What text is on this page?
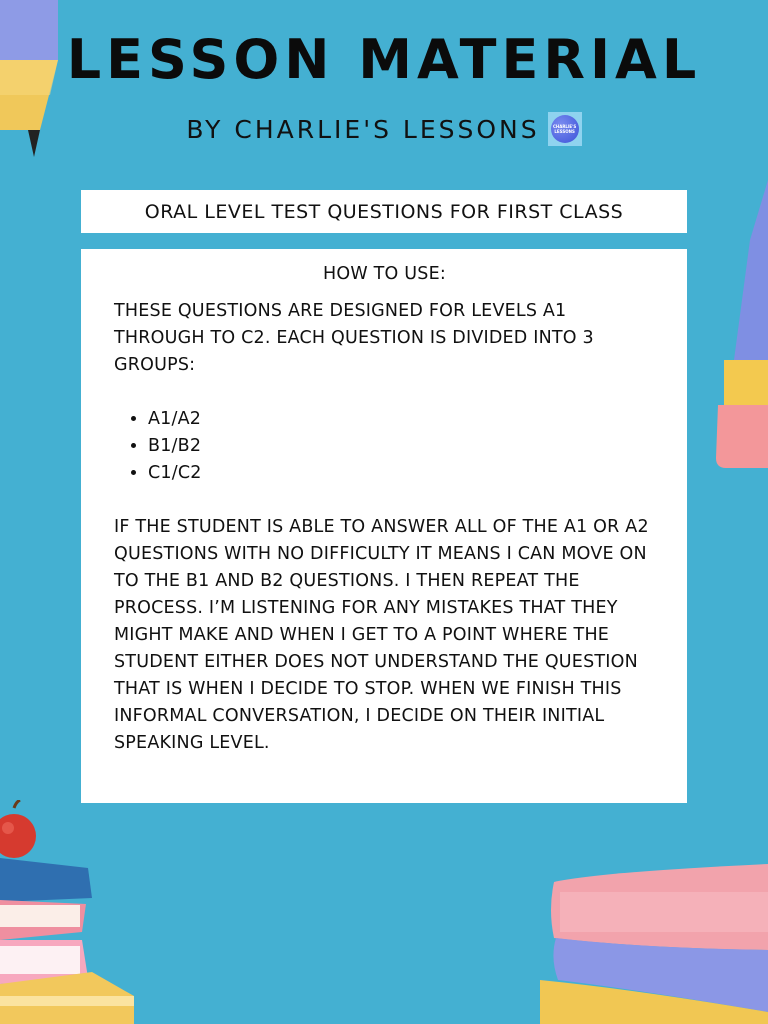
LESSON MATERIAL
BY CHARLIE'S LESSONS	CHARLIE'S LESSONS
ORAL LEVEL TEST QUESTIONS FOR FIRST CLASS

HOW TO USE:

THESE QUESTIONS ARE DESIGNED FOR LEVELS A1 THROUGH TO C2. EACH QUESTION IS DIVIDED INTO 3 GROUPS:

• A1/A2
• B1/B2
• C1/C2

IF THE STUDENT IS ABLE TO ANSWER ALL OF THE A1 OR A2 QUESTIONS WITH NO DIFFICULTY IT MEANS I CAN MOVE ON TO THE B1 AND B2 QUESTIONS. I THEN REPEAT THE PROCESS. I’M LISTENING FOR ANY MISTAKES THAT THEY MIGHT MAKE AND WHEN I GET TO A POINT WHERE THE STUDENT EITHER DOES NOT UNDERSTAND THE QUESTION THAT IS WHEN I DECIDE TO STOP. WHEN WE FINISH THIS INFORMAL CONVERSATION, I DECIDE ON THEIR INITIAL SPEAKING LEVEL.
